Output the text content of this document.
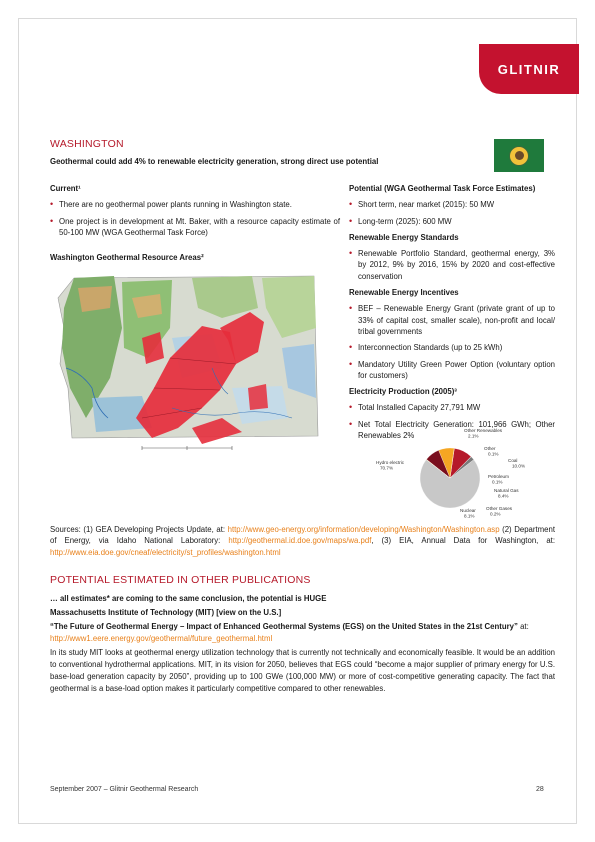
GLITNIR
WASHINGTON
Geothermal could add 4% to renewable electricity generation, strong direct use potential
Current¹
• There are no geothermal power plants running in Washington state.
• One project is in development at Mt. Baker, with a resource capacity estimate of 50-100 MW (WGA Geothermal Task Force)
Washington Geothermal Resource Areas²
Potential (WGA Geothermal Task Force Estimates)
• Short term, near market (2015): 50 MW
• Long-term (2025): 600 MW
Renewable Energy Standards
• Renewable Portfolio Standard, geothermal energy, 3% by 2012, 9% by 2016, 15% by 2020 and cost-effective conservation
Renewable Energy Incentives
• BEF – Renewable Energy Grant (private grant of up to 33% of capital cost, smaller scale), non-profit and local/ tribal governments
• Interconnection Standards (up to 25 kWh)
• Mandatory Utility Green Power Option (voluntary option for customers)
Electricity Production (2005)³
• Total Installed Capacity 27,791 MW
• Net Total Electricity Generation: 101,966 GWh; Other Renewables 2%
Hydro electric
70.7%
Other Renewables
2.1%
Other
0.1%
Coal
10.0%
Petroleum
0.1%
Natural Gas
8.4%
Nuclear
8.1%
Other Gases
0.2%
Sources: (1) GEA Developing Projects Update, at: http://www.geo-energy.org/information/developing/Washington/Washington.asp (2) Department of Energy, via Idaho National Laboratory: http://geothermal.id.doe.gov/maps/wa.pdf, (3) EIA, Annual Data for Washington, at: http://www.eia.doe.gov/cneaf/electricity/st_profiles/washington.html
POTENTIAL ESTIMATED IN OTHER PUBLICATIONS
… all estimates* are coming to the same conclusion, the potential is HUGE
Massachusetts Institute of Technology (MIT) [view on the U.S.]
“The Future of Geothermal Energy – Impact of Enhanced Geothermal Systems (EGS) on the United States in the 21st Century” at: http://www1.eere.energy.gov/geothermal/future_geothermal.html
In its study MIT looks at geothermal energy utilization technology that is currently not technically and economically feasible. It would be an addition to conventional hydrothermal applications. MIT, in its vision for 2050, believes that EGS could “become a major supplier of primary energy for U.S. base-load generation capacity by 2050”, providing up to 100 GWe (100,000 MW) or more of cost-competitive generating capacity. The fact that geothermal is a base-load option makes it particularly competitive compared to other renewables.
September 2007 – Glitnir Geothermal Research	28
